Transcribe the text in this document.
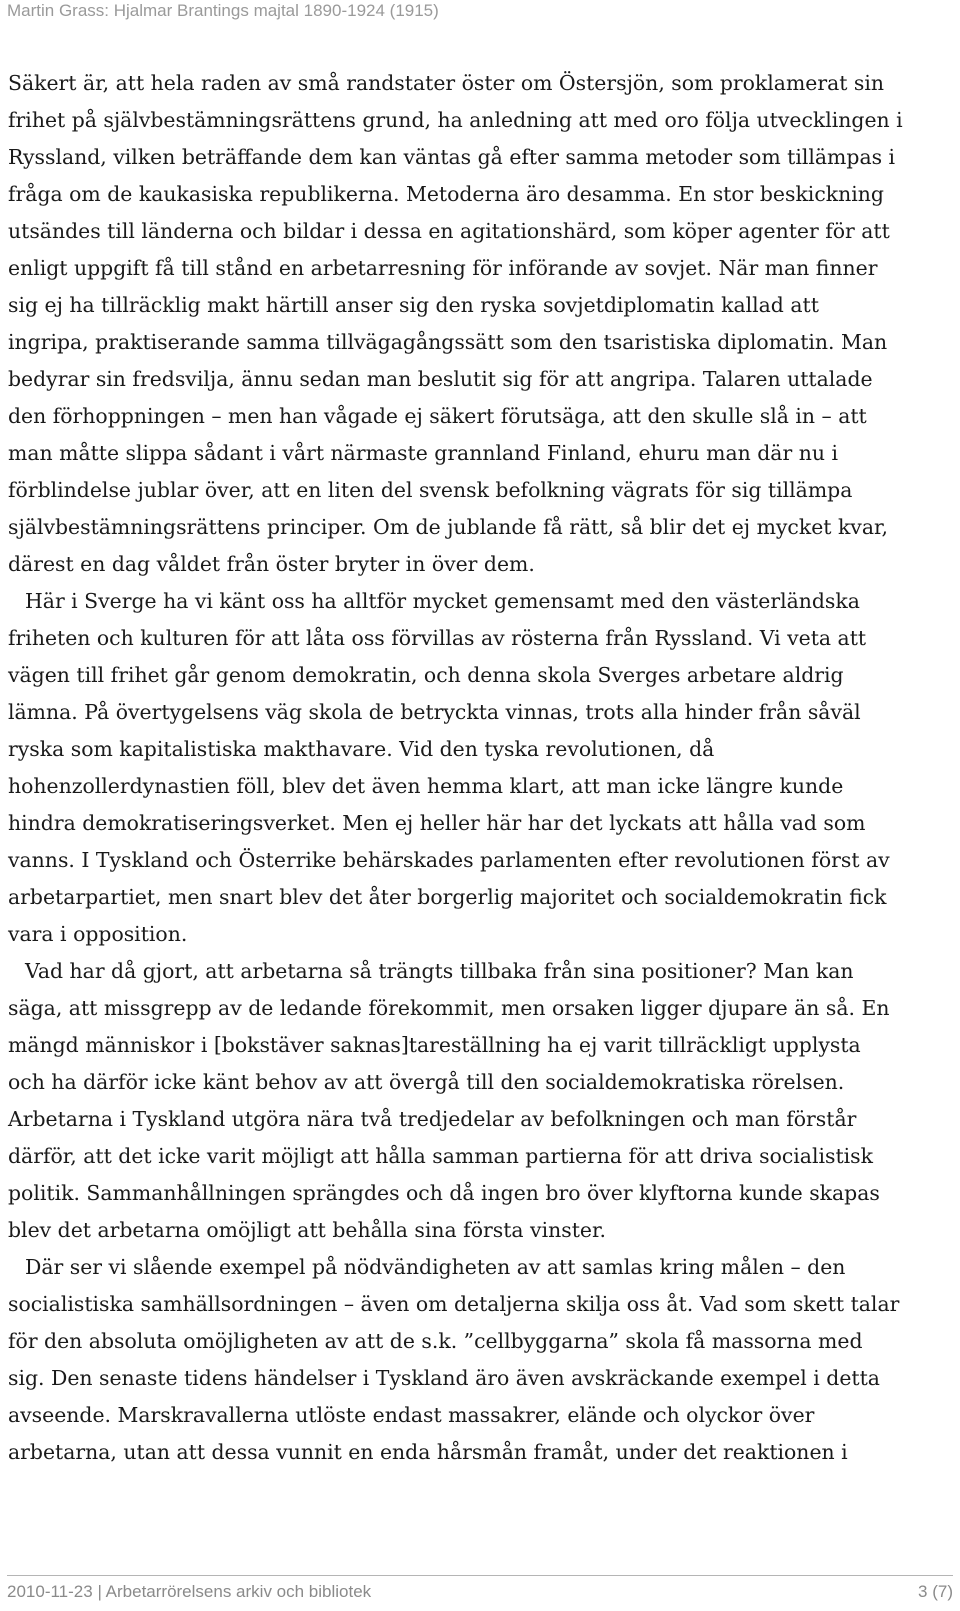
Martin Grass: Hjalmar Brantings majtal 1890-1924 (1915)
Säkert är, att hela raden av små randstater öster om Östersjön, som proklamerat sin
frihet på självbestämningsrättens grund, ha anledning att med oro följa utvecklingen i
Ryssland, vilken beträffande dem kan väntas gå efter samma metoder som tillämpas i
fråga om de kaukasiska republikerna. Metoderna äro desamma. En stor beskickning
utsändes till länderna och bildar i dessa en agitationshärd, som köper agenter för att
enligt uppgift få till stånd en arbetarresning för införande av sovjet. När man finner
sig ej ha tillräcklig makt härtill anser sig den ryska sovjetdiplomatin kallad att
ingripa, praktiserande samma tillvägagångssätt som den tsaristiska diplomatin. Man
bedyrar sin fredsvilja, ännu sedan man beslutit sig för att angripa. Talaren uttalade
den förhoppningen – men han vågade ej säkert förutsäga, att den skulle slå in – att
man måtte slippa sådant i vårt närmaste grannland Finland, ehuru man där nu i
förblindelse jublar över, att en liten del svensk befolkning vägrats för sig tillämpa
självbestämningsrättens principer. Om de jublande få rätt, så blir det ej mycket kvar,
därest en dag våldet från öster bryter in över dem.
Här i Sverge ha vi känt oss ha alltför mycket gemensamt med den västerländska
friheten och kulturen för att låta oss förvillas av rösterna från Ryssland. Vi veta att
vägen till frihet går genom demokratin, och denna skola Sverges arbetare aldrig
lämna. På övertygelsens väg skola de betryckta vinnas, trots alla hinder från såväl
ryska som kapitalistiska makthavare. Vid den tyska revolutionen, då
hohenzollerdynastien föll, blev det även hemma klart, att man icke längre kunde
hindra demokratiseringsverket. Men ej heller här har det lyckats att hålla vad som
vanns. I Tyskland och Österrike behärskades parlamenten efter revolutionen först av
arbetarpartiet, men snart blev det åter borgerlig majoritet och socialdemokratin fick
vara i opposition.
Vad har då gjort, att arbetarna så trängts tillbaka från sina positioner? Man kan
säga, att missgrepp av de ledande förekommit, men orsaken ligger djupare än så. En
mängd människor i [bokstäver saknas]tareställning ha ej varit tillräckligt upplysta
och ha därför icke känt behov av att övergå till den socialdemokratiska rörelsen.
Arbetarna i Tyskland utgöra nära två tredjedelar av befolkningen och man förstår
därför, att det icke varit möjligt att hålla samman partierna för att driva socialistisk
politik. Sammanhållningen sprängdes och då ingen bro över klyftorna kunde skapas
blev det arbetarna omöjligt att behålla sina första vinster.
Där ser vi slående exempel på nödvändigheten av att samlas kring målen – den
socialistiska samhällsordningen – även om detaljerna skilja oss åt. Vad som skett talar
för den absoluta omöjligheten av att de s.k. ”cellbyggarna” skola få massorna med
sig. Den senaste tidens händelser i Tyskland äro även avskräckande exempel i detta
avseende. Marskravallerna utlöste endast massakrer, elände och olyckor över
arbetarna, utan att dessa vunnit en enda hårsmån framåt, under det reaktionen i
2010-11-23 | Arbetarrörelsens arkiv och bibliotek	3 (7)
